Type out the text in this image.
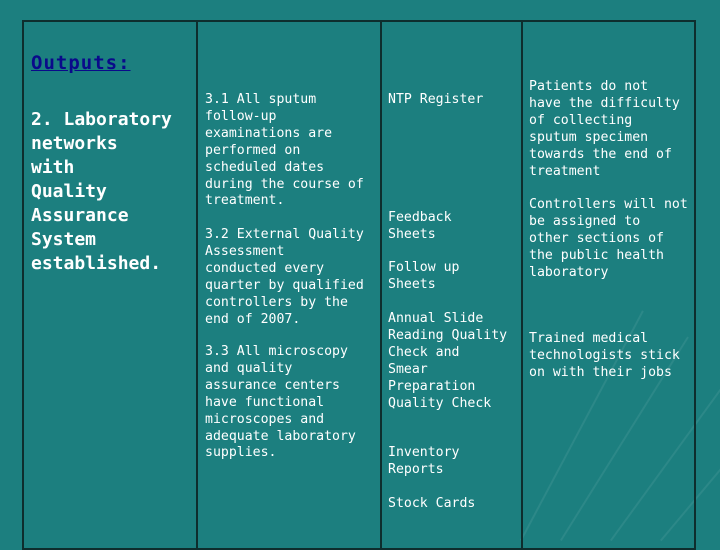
Outputs:
2. Laboratory
networks
with
Quality
Assurance
System
established.
3.1 All sputum
follow-up
examinations are
performed on
scheduled dates
during the course of
treatment.
3.2 External Quality
Assessment
conducted every
quarter by qualified
controllers by the
end of 2007.
3.3 All microscopy
and quality
assurance centers
have functional
microscopes and
adequate laboratory
supplies.
NTP Register
Feedback
Sheets
Follow up
Sheets
Annual Slide
Reading Quality
Check and
Smear
Preparation
Quality Check
Inventory
Reports
Stock Cards
Patients do not
have the difficulty
of collecting
sputum specimen
towards the end of
treatment
Controllers will not
be assigned to
other sections of
the public health
laboratory
Trained medical
technologists stick
on with their jobs
